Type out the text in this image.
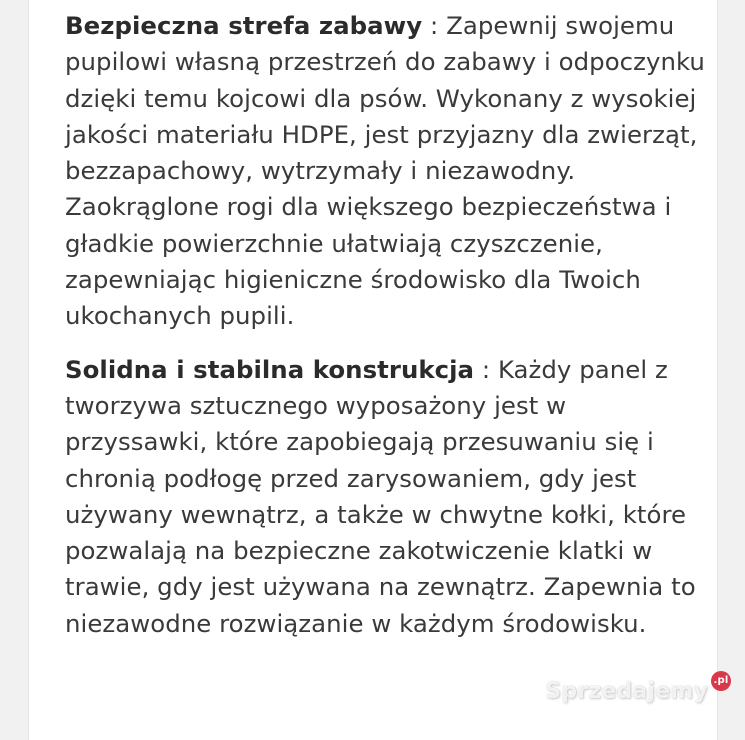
Bezpieczna strefa zabawy : Zapewnij swojemu pupilowi własną przestrzeń do zabawy i odpoczynku dzięki temu kojcowi dla psów. Wykonany z wysokiej jakości materiału HDPE, jest przyjazny dla zwierząt, bezzapachowy, wytrzymały i niezawodny. Zaokrąglone rogi dla większego bezpieczeństwa i gładkie powierzchnie ułatwiają czyszczenie, zapewniając higieniczne środowisko dla Twoich ukochanych pupili.

Solidna i stabilna konstrukcja : Każdy panel z tworzywa sztucznego wyposażony jest w przyssawki, które zapobiegają przesuwaniu się i chronią podłogę przed zarysowaniem, gdy jest używany wewnątrz, a także w chwytne kołki, które pozwalają na bezpieczne zakotwiczenie klatki w trawie, gdy jest używana na zewnątrz. Zapewnia to niezawodne rozwiązanie w każdym środowisku.

Sprzedajemy .pl
